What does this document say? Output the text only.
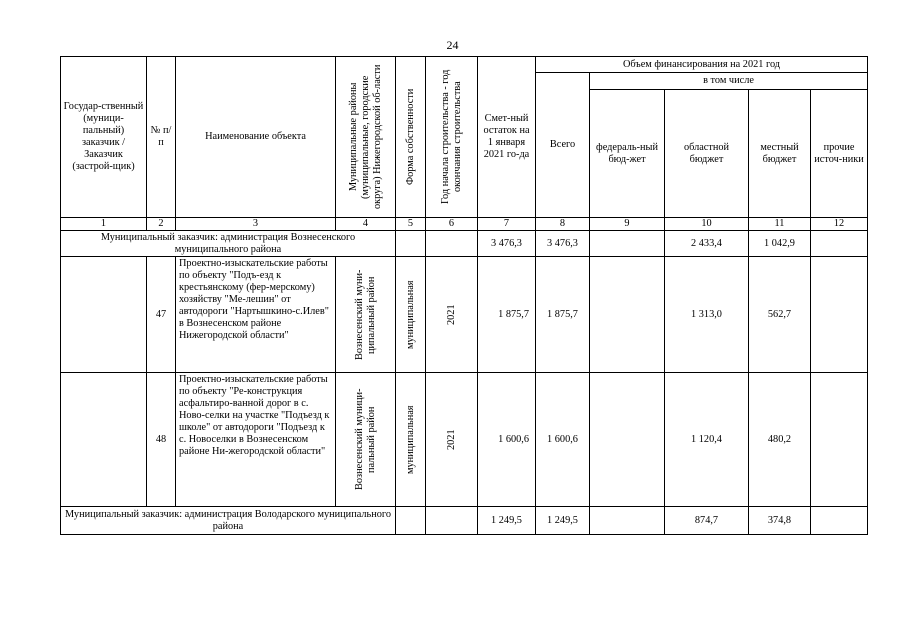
24
Государ-ственный (муници-пальный) заказчик / Заказчик (застрой-щик)	№ п/п	Наименование объекта	Муниципальные районы (муниципальные, городские округа) Нижегородской об-ласти	Форма собственности	Год начала строительства - год окончания строительства	Смет-ный остаток на 1 января 2021 го-да	Объем финансирования на 2021 год				
							Всего	в том числе			
								федераль-ный бюд-жет	областной бюджет	местный бюджет	прочие источ-ники
1	2	3	4	5	6	7	8	9	10	11	12
Муниципальный заказчик: администрация Вознесенского муниципального района						3 476,3	3 476,3		2 433,4	1 042,9	
	47	Проектно-изыскательские работы по объекту "Подъ-езд к крестьянскому (фер-мерскому) хозяйству "Ме-лешин" от автодороги "Нартышкино-с.Илев" в Вознесенском районе Нижегородской области"	Вознесенский муни-ципальный район	муниципальная	2021	1 875,7	1 875,7		1 313,0	562,7	
	48	Проектно-изыскательские работы по объекту "Ре-конструкция асфальтиро-ванной дорог в с. Ново-селки на участке "Подъезд к школе" от автодороги "Подъезд к с. Новоселки в Вознесенском районе Ни-жегородской области"	Вознесенский муници-пальный район	муниципальная	2021	1 600,6	1 600,6		1 120,4	480,2	
Муниципальный заказчик: администрация Володарского муниципального района						1 249,5	1 249,5		874,7	374,8	
